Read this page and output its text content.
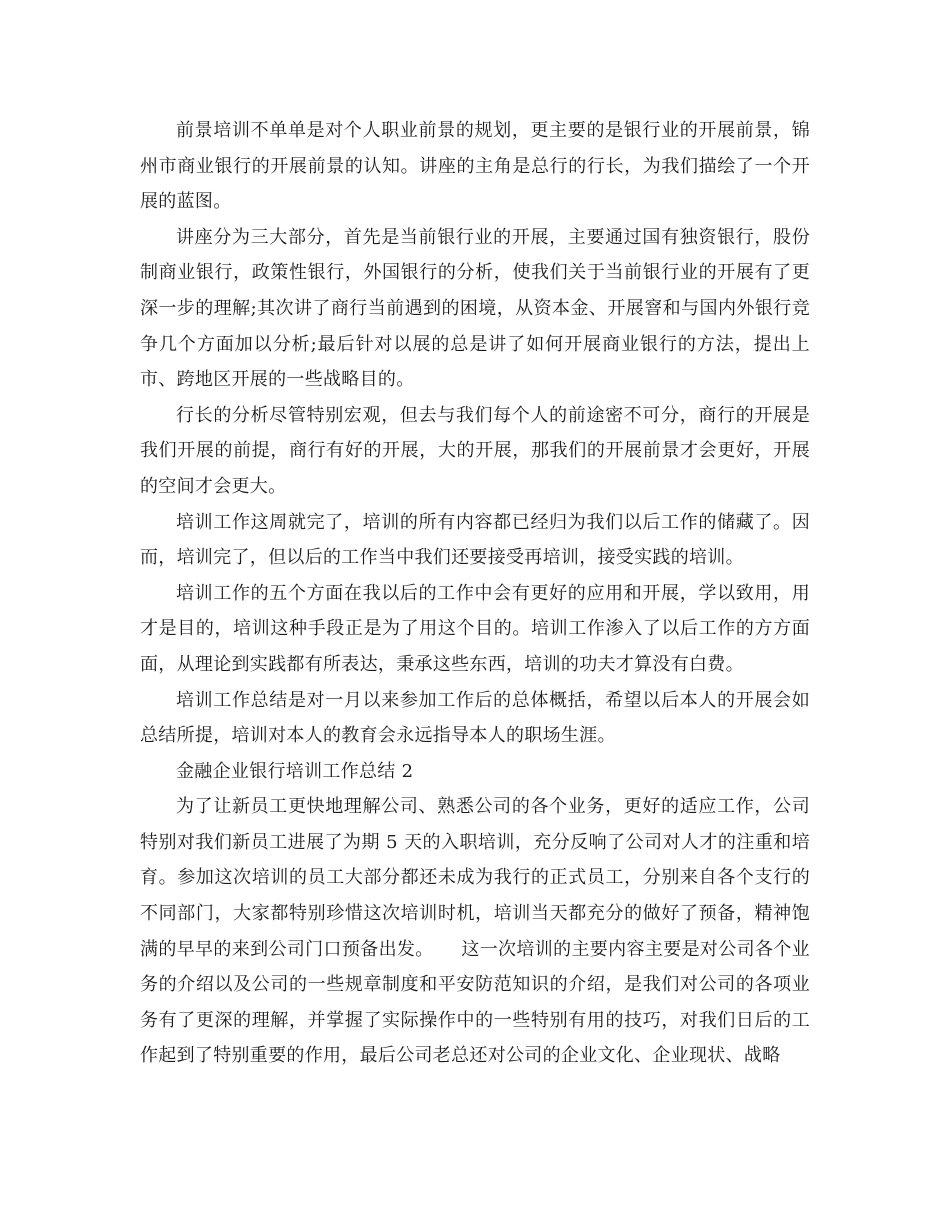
前景培训不单单是对个人职业前景的规划，更主要的是银行业的开展前景，锦州市商业银行的开展前景的认知。讲座的主角是总行的行长，为我们描绘了一个开展的蓝图。

讲座分为三大部分，首先是当前银行业的开展，主要通过国有独资银行，股份制商业银行，政策性银行，外国银行的分析，使我们关于当前银行业的开展有了更深一步的理解;其次讲了商行当前遇到的困境，从资本金、开展窨和与国内外银行竞争几个方面加以分析;最后针对以展的总是讲了如何开展商业银行的方法，提出上市、跨地区开展的一些战略目的。

行长的分析尽管特别宏观，但去与我们每个人的前途密不可分，商行的开展是我们开展的前提，商行有好的开展，大的开展，那我们的开展前景才会更好，开展的空间才会更大。

培训工作这周就完了，培训的所有内容都已经归为我们以后工作的储藏了。因而，培训完了，但以后的工作当中我们还要接受再培训，接受实践的培训。

培训工作的五个方面在我以后的工作中会有更好的应用和开展，学以致用，用才是目的，培训这种手段正是为了用这个目的。培训工作渗入了以后工作的方方面面，从理论到实践都有所表达，秉承这些东西，培训的功夫才算没有白费。

培训工作总结是对一月以来参加工作后的总体概括，希望以后本人的开展会如总结所提，培训对本人的教育会永远指导本人的职场生涯。

金融企业银行培训工作总结 2

为了让新员工更快地理解公司、熟悉公司的各个业务，更好的适应工作，公司特别对我们新员工进展了为期 5 天的入职培训，充分反响了公司对人才的注重和培育。参加这次培训的员工大部分都还未成为我行的正式员工，分别来自各个支行的不同部门，大家都特别珍惜这次培训时机，培训当天都充分的做好了预备，精神饱满的早早的来到公司门口预备出发。　　这一次培训的主要内容主要是对公司各个业务的介绍以及公司的一些规章制度和平安防范知识的介绍，是我们对公司的各项业务有了更深的理解，并掌握了实际操作中的一些特别有用的技巧，对我们日后的工作起到了特别重要的作用，最后公司老总还对公司的企业文化、企业现状、战略
